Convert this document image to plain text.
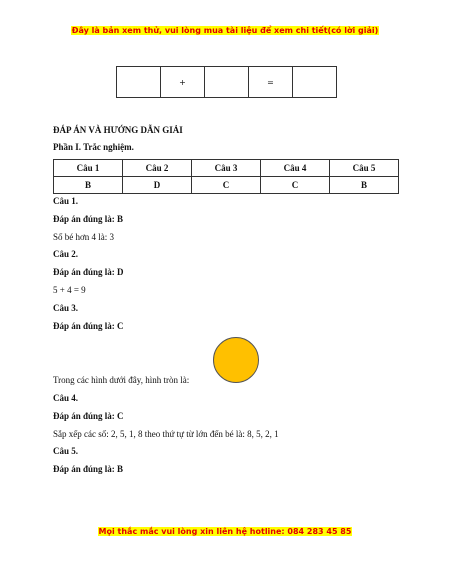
Đây là bản xem thử, vui lòng mua tài liệu để xem chi tiết(có lời giải)
	+		=	
ĐÁP ÁN VÀ HƯỚNG DẪN GIẢI
Phần I. Trắc nghiệm.
Câu 1	Câu 2	Câu 3	Câu 4	Câu 5
B	D	C	C	B
Câu 1.
Đáp án đúng là: B
Số bé hơn 4 là: 3
Câu 2.
Đáp án đúng là: D
5 + 4 = 9
Câu 3.
Đáp án đúng là: C
Trong các hình dưới đây, hình tròn là:
Câu 4.
Đáp án đúng là: C
Sắp xếp các số: 2, 5, 1, 8 theo thứ tự từ lớn đến bé là: 8, 5, 2, 1
Câu 5.
Đáp án đúng là: B
Mọi thắc mắc vui lòng xin liên hệ hotline: 084 283 45 85
